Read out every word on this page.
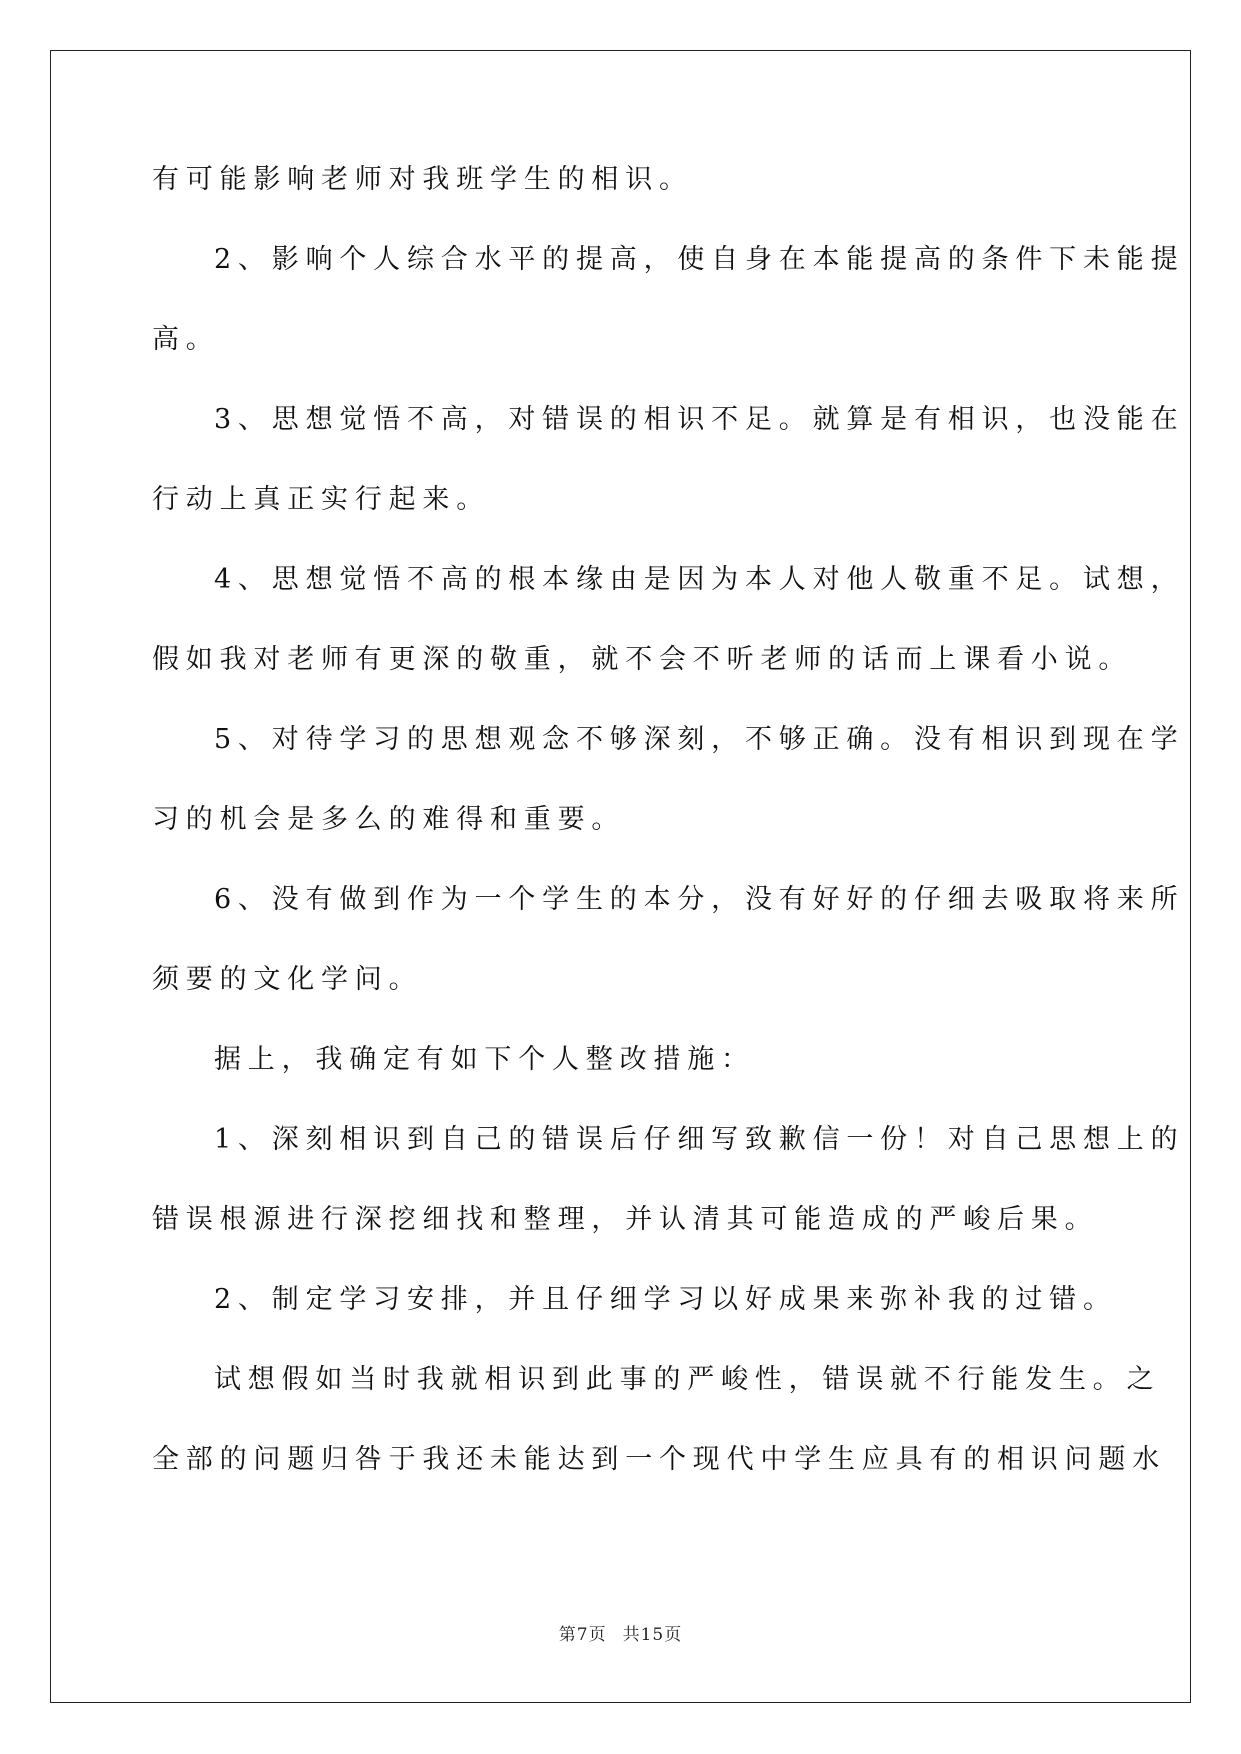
有可能影响老师对我班学生的相识。
2、影响个人综合水平的提高，使自身在本能提高的条件下未能提
高。
3、思想觉悟不高，对错误的相识不足。就算是有相识，也没能在
行动上真正实行起来。
4、思想觉悟不高的根本缘由是因为本人对他人敬重不足。试想，
假如我对老师有更深的敬重，就不会不听老师的话而上课看小说。
5、对待学习的思想观念不够深刻，不够正确。没有相识到现在学
习的机会是多么的难得和重要。
6、没有做到作为一个学生的本分，没有好好的仔细去吸取将来所
须要的文化学问。
据上，我确定有如下个人整改措施：
1、深刻相识到自己的错误后仔细写致歉信一份！对自己思想上的
错误根源进行深挖细找和整理，并认清其可能造成的严峻后果。
2、制定学习安排，并且仔细学习以好成果来弥补我的过错。
试想假如当时我就相识到此事的严峻性，错误就不行能发生。之
全部的问题归咎于我还未能达到一个现代中学生应具有的相识问题水
第7页 共15页
